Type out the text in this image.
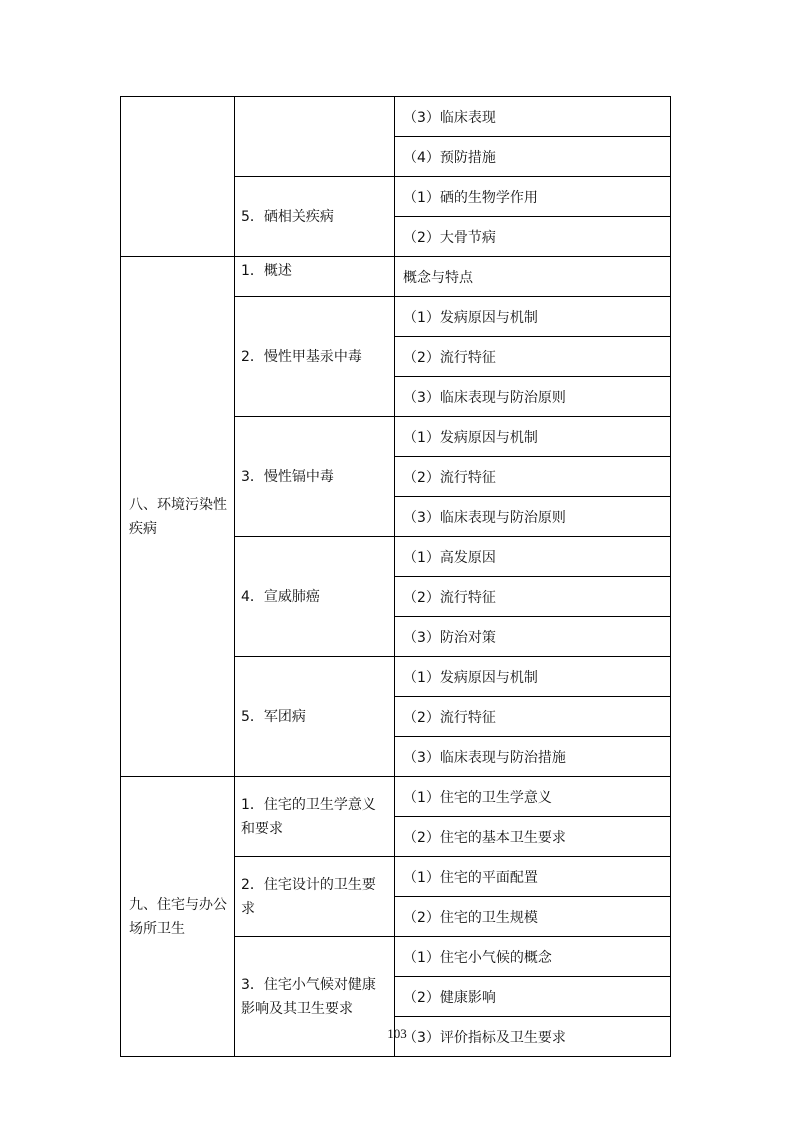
		（3）临床表现
		（4）预防措施
	5．硒相关疾病	（1）硒的生物学作用
		（2）大骨节病
八、环境污染性疾病	1．概述	概念与特点
	2．慢性甲基汞中毒	（1）发病原因与机制
		（2）流行特征
		（3）临床表现与防治原则
	3．慢性镉中毒	（1）发病原因与机制
		（2）流行特征
		（3）临床表现与防治原则
	4．宣威肺癌	（1）高发原因
		（2）流行特征
		（3）防治对策
	5．军团病	（1）发病原因与机制
		（2）流行特征
		（3）临床表现与防治措施
九、住宅与办公场所卫生	1．住宅的卫生学意义和要求	（1）住宅的卫生学意义
		（2）住宅的基本卫生要求
	2．住宅设计的卫生要求	（1）住宅的平面配置
		（2）住宅的卫生规模
	3．住宅小气候对健康影响及其卫生要求	（1）住宅小气候的概念
		（2）健康影响
		（3）评价指标及卫生要求
103
